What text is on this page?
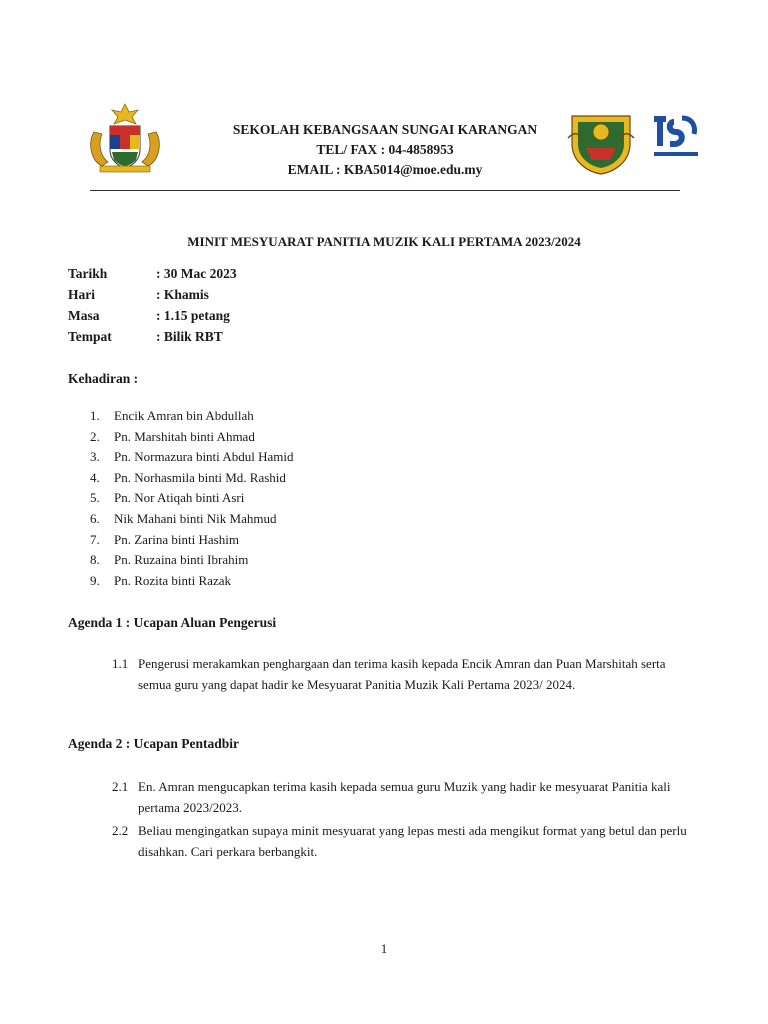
SEKOLAH KEBANGSAAN SUNGAI KARANGAN
TEL/ FAX : 04-4858953
EMAIL : KBA5014@moe.edu.my
MINIT MESYUARAT PANITIA MUZIK KALI PERTAMA 2023/2024
Tarikh	: 30 Mac 2023
Hari	: Khamis
Masa	: 1.15 petang
Tempat	: Bilik RBT
Kehadiran :
1.	Encik Amran bin Abdullah
2.	Pn. Marshitah binti Ahmad
3.	Pn. Normazura binti Abdul Hamid
4.	Pn. Norhasmila binti Md. Rashid
5.	Pn. Nor Atiqah binti Asri
6.	Nik Mahani binti Nik Mahmud
7.	Pn. Zarina binti Hashim
8.	Pn. Ruzaina binti Ibrahim
9.	Pn. Rozita binti Razak
Agenda 1 : Ucapan Aluan Pengerusi
1.1 Pengerusi merakamkan penghargaan dan terima kasih kepada Encik Amran dan Puan Marshitah serta semua guru yang dapat hadir ke Mesyuarat Panitia Muzik Kali Pertama 2023/ 2024.
Agenda 2 : Ucapan Pentadbir
2.1 En. Amran mengucapkan terima kasih kepada semua guru Muzik yang hadir ke mesyuarat Panitia kali pertama 2023/2023.
2.2 Beliau mengingatkan supaya minit mesyuarat yang lepas mesti ada mengikut format yang betul dan perlu disahkan. Cari perkara berbangkit.
1
